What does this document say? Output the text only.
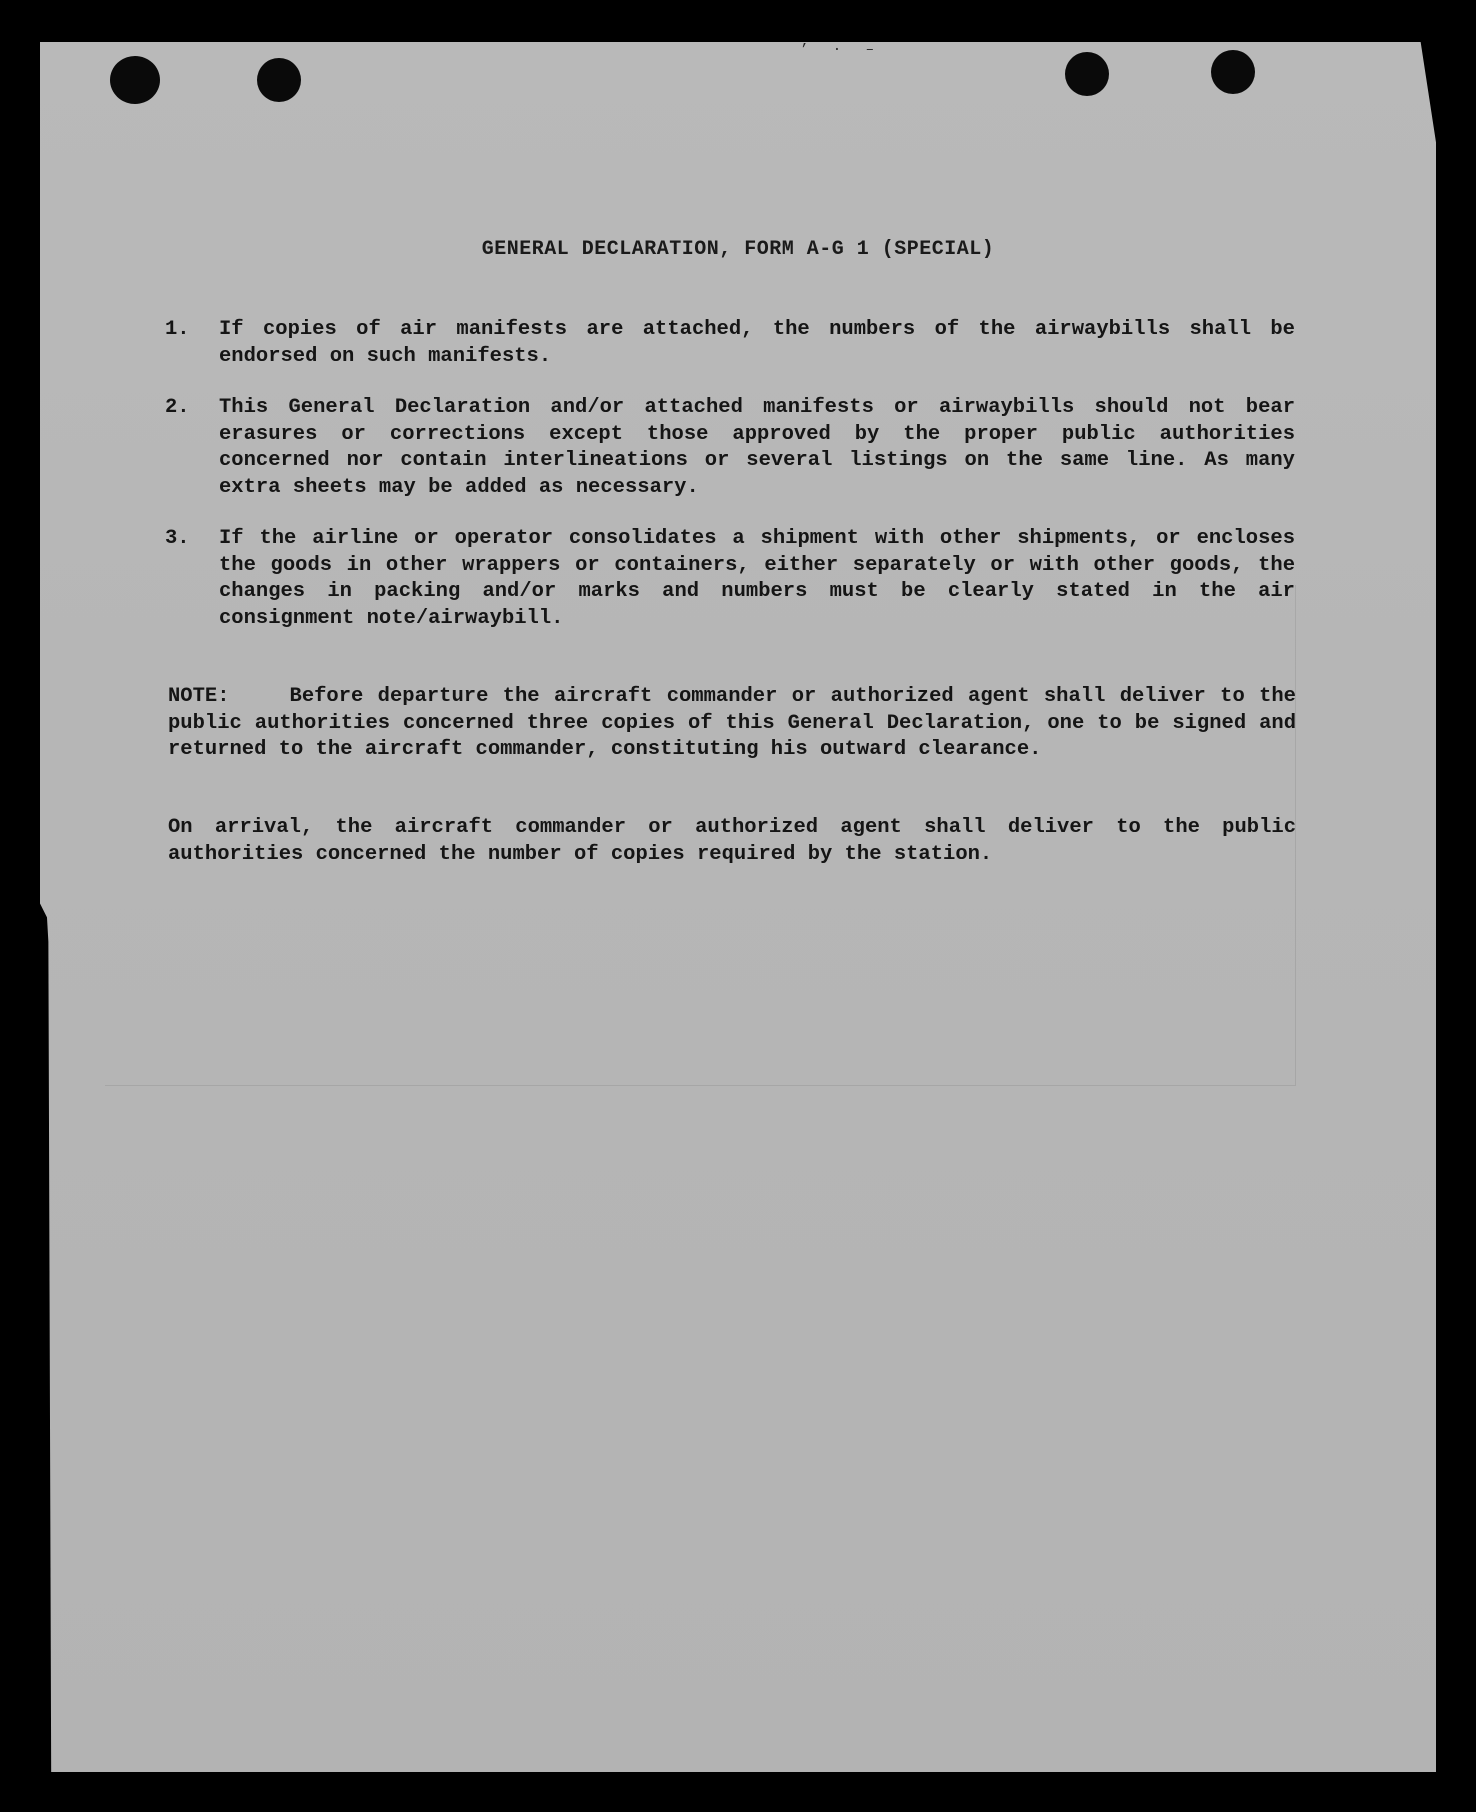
’ · –
GENERAL DECLARATION, FORM A-G 1 (SPECIAL)
1.	If copies of air manifests are attached, the numbers of the airwaybills shall be endorsed on such manifests.
2.	This General Declaration and/or attached manifests or airwaybills should not bear erasures or corrections except those approved by the proper public authorities concerned nor contain interlineations or several listings on the same line. As many extra sheets may be added as necessary.
3.	If the airline or operator consolidates a shipment with other shipments, or encloses the goods in other wrappers or containers, either separately or with other goods, the changes in packing and/or marks and numbers must be clearly stated in the air consignment note/airwaybill.
NOTE:	Before departure the aircraft commander or authorized agent shall deliver to the public authorities concerned three copies of this General Declaration, one to be signed and returned to the aircraft commander, constituting his outward clearance.
On arrival, the aircraft commander or authorized agent shall deliver to the public authorities concerned the number of copies required by the station.
